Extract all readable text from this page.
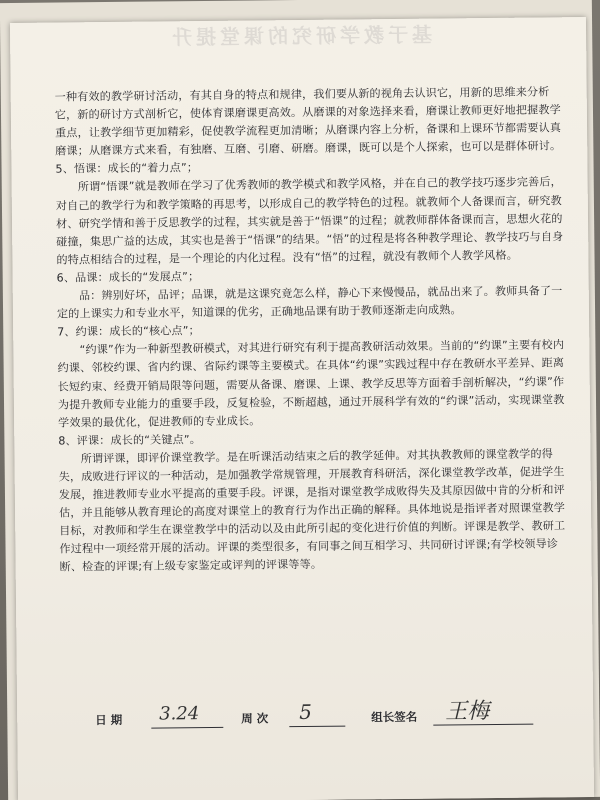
基于教学研究的课堂提升

一种有效的教学研讨活动，有其自身的特点和规律，我们要从新的视角去认识它，用新的思维来分析它，新的研讨方式剖析它，使体育课磨课更高效。从磨课的对象选择来看，磨课让教师更好地把握教学重点，让教学细节更加精彩，促使教学流程更加清晰；从磨课内容上分析，备课和上课环节都需要认真磨课；从磨课方式来看，有独磨、互磨、引磨、研磨。磨课，既可以是个人探索，也可以是群体研讨。

5、悟课：成长的“着力点”；

所谓“悟课”就是教师在学习了优秀教师的教学模式和教学风格，并在自己的教学技巧逐步完善后，对自己的教学行为和教学策略的再思考，以形成自己的教学特色的过程。就教师个人备课而言，研究教材、研究学情和善于反思教学的过程，其实就是善于“悟课”的过程；就教师群体备课而言，思想火花的碰撞，集思广益的达成，其实也是善于“悟课”的结果。“悟”的过程是将各种教学理论、教学技巧与自身的特点相结合的过程，是一个理论的内化过程。没有“悟”的过程，就没有教师个人教学风格。

6、品课：成长的“发展点”；

品：辨别好坏，品评；品课，就是这课究竟怎么样，静心下来慢慢品，就品出来了。教师具备了一定的上课实力和专业水平，知道课的优劣，正确地品课有助于教师逐渐走向成熟。

7、约课：成长的“核心点”；

“约课”作为一种新型教研模式，对其进行研究有利于提高教研活动效果。当前的“约课”主要有校内约课、邻校约课、省内约课、省际约课等主要模式。在具体“约课”实践过程中存在教研水平差异、距离长短约束、经费开销局限等问题，需要从备课、磨课、上课、教学反思等方面着手剖析解决，“约课”作为提升教师专业能力的重要手段，反复检验，不断超越，通过开展科学有效的“约课”活动，实现课堂教学效果的最优化，促进教师的专业成长。

8、评课：成长的“关键点”。

所谓评课，即评价课堂教学。是在听课活动结束之后的教学延伸。对其执教教师的课堂教学的得失，成败进行评议的一种活动，是加强教学常规管理，开展教育科研活，深化课堂教学改革，促进学生发展，推进教师专业水平提高的重要手段。评课，是指对课堂教学成败得失及其原因做中肯的分析和评估，并且能够从教育理论的高度对课堂上的教育行为作出正确的解释。具体地说是指评者对照课堂教学目标，对教师和学生在课堂教学中的活动以及由此所引起的变化进行价值的判断。评课是教学、教研工作过程中一项经常开展的活动。评课的类型很多，有同事之间互相学习、共同研讨评课;有学校领导诊断、检查的评课;有上级专家鉴定或评判的评课等等。

日 期 3.24	周 次 5	组长签名 王梅
